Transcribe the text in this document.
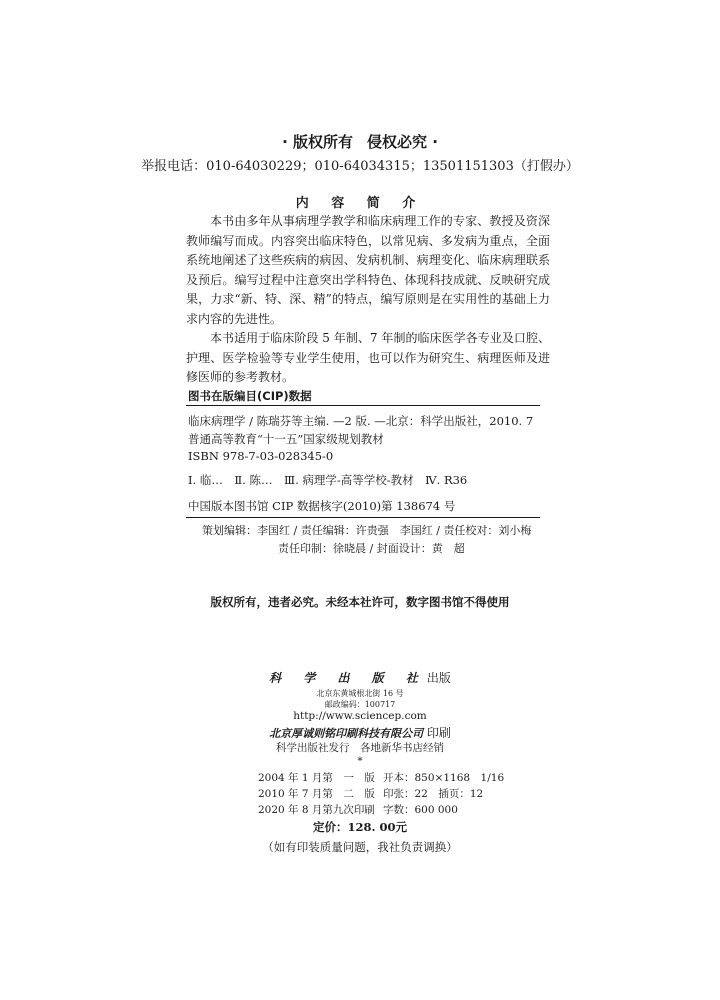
· 版权所有 侵权必究 ·
举报电话：010-64030229；010-64034315；13501151303（打假办）
内 容 简 介

本书由多年从事病理学教学和临床病理工作的专家、教授及资深教师编写而成。内容突出临床特色，以常见病、多发病为重点，全面系统地阐述了这些疾病的病因、发病机制、病理变化、临床病理联系及预后。编写过程中注意突出学科特色、体现科技成就、反映研究成果，力求“新、特、深、精”的特点，编写原则是在实用性的基础上力求内容的先进性。

本书适用于临床阶段 5 年制、7 年制的临床医学各专业及口腔、护理、医学检验等专业学生使用，也可以作为研究生、病理医师及进修医师的参考教材。

图书在版编目(CIP)数据
临床病理学 / 陈瑞芬等主编. —2 版. —北京：科学出版社，2010. 7
普通高等教育“十一五”国家级规划教材
ISBN 978-7-03-028345-0
Ⅰ. 临…　Ⅱ. 陈…　Ⅲ. 病理学-高等学校-教材　Ⅳ. R36
中国版本图书馆 CIP 数据核字(2010)第 138674 号
策划编辑：李国红 / 责任编辑：许贵强　李国红 / 责任校对：刘小梅
责任印制：徐晓晨 / 封面设计：黄　超
版权所有，违者必究。未经本社许可，数字图书馆不得使用
科 学 出 版 社出版
北京东黄城根北街 16 号
邮政编码：100717
http://www.sciencep.com
北京厚诚则铭印刷科技有限公司 印刷
科学出版社发行　各地新华书店经销
*
2004 年 1 月第　一　版 开本：850×1168　1/16
2010 年 7 月第　二　版 印张：22　插页：12
2020 年 8 月第九次印刷 字数：600 000
定价：128. 00元
（如有印装质量问题，我社负责调换）
